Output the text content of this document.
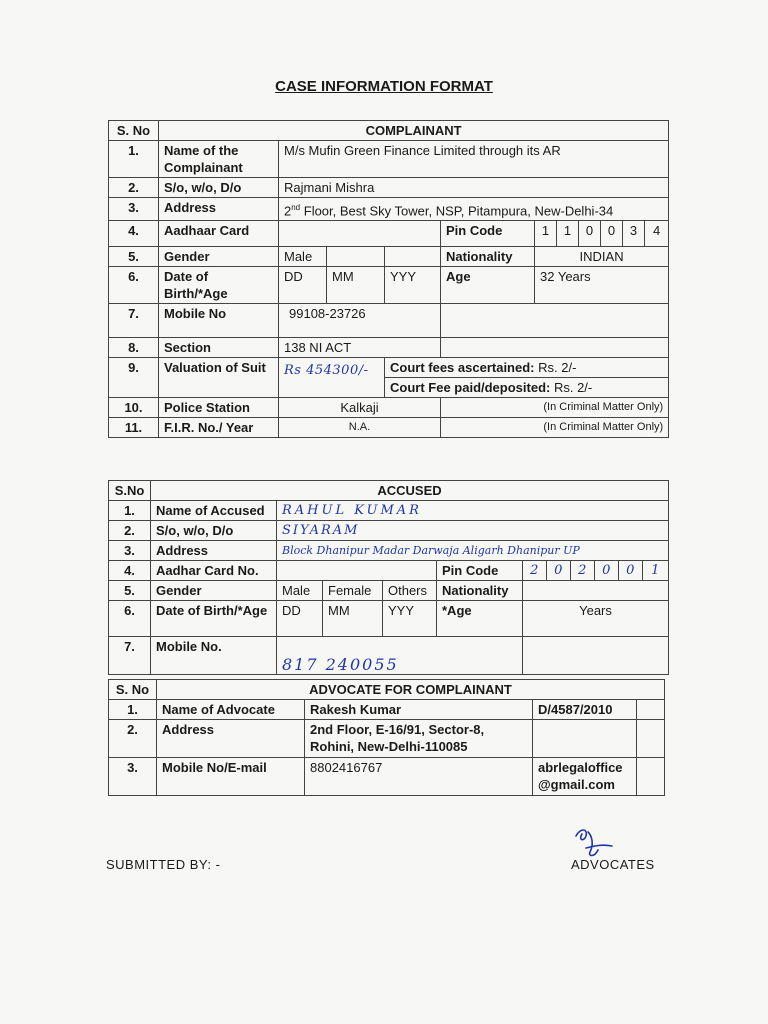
CASE INFORMATION FORMAT
S. No	COMPLAINANT										
1.	Name of the Complainant	M/s Mufin Green Finance Limited through its AR									
2.	S/o, w/o, D/o	Rajmani Mishra									
3.	Address	2nd Floor, Best Sky Tower, NSP, Pitampura, New-Delhi-34									
4.	Aadhaar Card				Pin Code	1	1	0	0	3	4
5.	Gender	Male			Nationality	INDIAN					
6.	Date of Birth/*Age	DD	MM	YYY	Age	32 Years					
7.	Mobile No	99108-23726									
8.	Section	138 NI ACT									
9.	Valuation of Suit	Rs 454300/-		Court fees ascertained: Rs. 2/-							
				Court Fee paid/deposited: Rs. 2/-							
10.	Police Station	Kalkaji			(In Criminal Matter Only)						
11.	F.I.R. No./ Year	N.A.			(In Criminal Matter Only)						
S.No	ACCUSED										
1.	Name of Accused	RAHUL KUMAR									
2.	S/o, w/o, D/o	SIYARAM									
3.	Address	Block Dhanipur Madar Darwaja Aligarh Dhanipur UP									
4.	Aadhar Card No.				Pin Code	2	0	2	0	0	1
5.	Gender	Male	Female	Others	Nationality						
6.	Date of Birth/*Age	DD	MM	YYY	*Age	Years					
7.	Mobile No.	817 240055									
S. No	ADVOCATE FOR COMPLAINANT			
1.	Name of Advocate	Rakesh Kumar	D/4587/2010	
2.	Address	2nd Floor, E-16/91, Sector-8, Rohini, New-Delhi-110085		
3.	Mobile No/E-mail	8802416767	abrlegaloffice @gmail.com	
SUBMITTED BY: -	ADVOCATES
